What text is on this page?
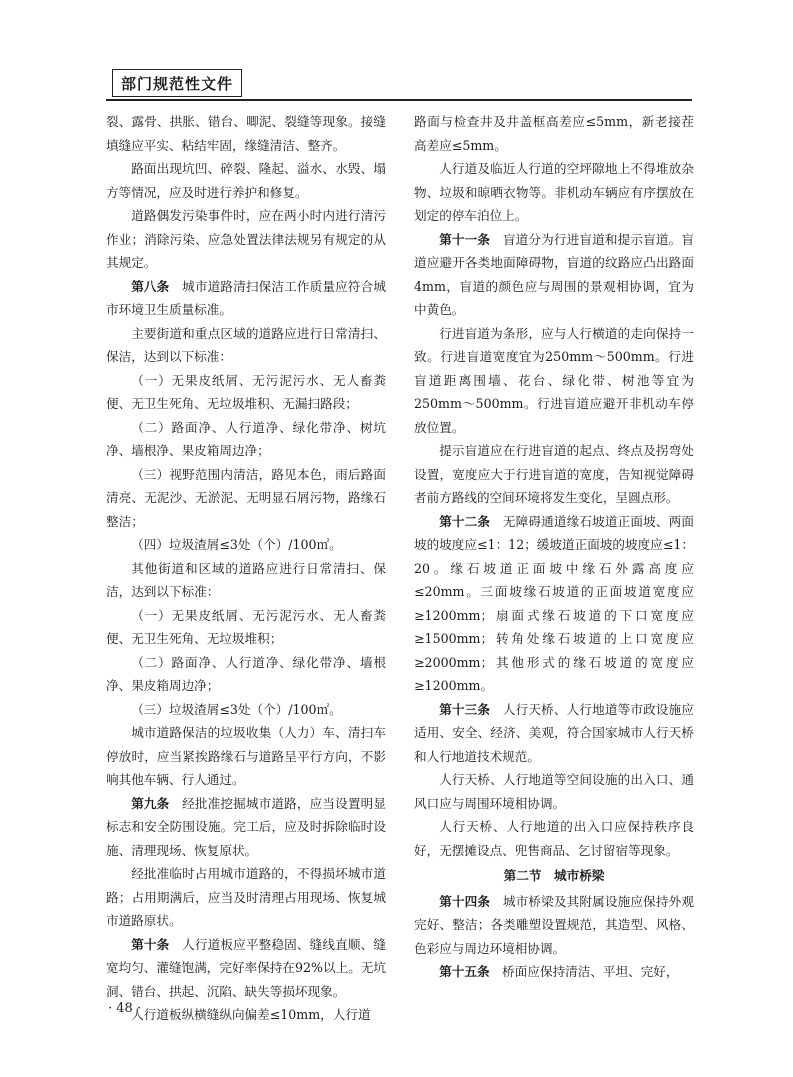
部门规范性文件

裂、露骨、拱胀、错台、唧泥、裂缝等现象。接缝填缝应平实、粘结牢固，缘缝清洁、整齐。

路面出现坑凹、碎裂、隆起、溢水、水毁、塌方等情况，应及时进行养护和修复。

道路偶发污染事件时，应在两小时内进行清污作业；消除污染、应急处置法律法规另有规定的从其规定。

第八条　城市道路清扫保洁工作质量应符合城市环境卫生质量标准。

主要街道和重点区域的道路应进行日常清扫、保洁，达到以下标准：

（一）无果皮纸屑、无污泥污水、无人畜粪便、无卫生死角、无垃圾堆积、无漏扫路段；

（二）路面净、人行道净、绿化带净、树坑净、墙根净、果皮箱周边净；

（三）视野范围内清洁，路见本色，雨后路面清亮、无泥沙、无淤泥、无明显石屑污物，路缘石整洁；

（四）垃圾渣屑≤3处（个）/100㎡。

其他街道和区域的道路应进行日常清扫、保洁，达到以下标准：

（一）无果皮纸屑、无污泥污水、无人畜粪便、无卫生死角、无垃圾堆积；

（二）路面净、人行道净、绿化带净、墙根净、果皮箱周边净；

（三）垃圾渣屑≤3处（个）/100㎡。

城市道路保洁的垃圾收集（人力）车、清扫车停放时，应当紧挨路缘石与道路呈平行方向，不影响其他车辆、行人通过。

第九条　经批准挖掘城市道路，应当设置明显标志和安全防围设施。完工后，应及时拆除临时设施、清理现场、恢复原状。

经批准临时占用城市道路的，不得损坏城市道路；占用期满后，应当及时清理占用现场、恢复城市道路原状。

第十条　人行道板应平整稳固、缝线直顺、缝宽均匀、灌缝饱满，完好率保持在92%以上。无坑洞、错台、拱起、沉陷、缺失等损坏现象。

人行道板纵横缝纵向偏差≤10mm，人行道

路面与检查井及井盖框高差应≤5mm，新老接茬高差应≤5mm。

人行道及临近人行道的空坪隙地上不得堆放杂物、垃圾和晾晒衣物等。非机动车辆应有序摆放在划定的停车泊位上。

第十一条　盲道分为行进盲道和提示盲道。盲道应避开各类地面障碍物，盲道的纹路应凸出路面4mm，盲道的颜色应与周围的景观相协调，宜为中黄色。

行进盲道为条形，应与人行横道的走向保持一致。行进盲道宽度宜为250mm～500mm。行进盲道距离围墙、花台、绿化带、树池等宜为250mm～500mm。行进盲道应避开非机动车停放位置。

提示盲道应在行进盲道的起点、终点及拐弯处设置，宽度应大于行进盲道的宽度，告知视觉障碍者前方路线的空间环境将发生变化，呈圆点形。

第十二条　无障碍通道缘石坡道正面坡、两面坡的坡度应≤1：12；缓坡道正面坡的坡度应≤1：20。缘石坡道正面坡中缘石外露高度应≤20mm。三面坡缘石坡道的正面坡道宽度应≥1200mm；扇面式缘石坡道的下口宽度应≥1500mm；转角处缘石坡道的上口宽度应≥2000mm；其他形式的缘石坡道的宽度应≥1200mm。

第十三条　人行天桥、人行地道等市政设施应适用、安全、经济、美观，符合国家城市人行天桥和人行地道技术规范。

人行天桥、人行地道等空间设施的出入口、通风口应与周围环境相协调。

人行天桥、人行地道的出入口应保持秩序良好，无摆摊设点、兜售商品、乞讨留宿等现象。

第二节　城市桥梁

第十四条　城市桥梁及其附属设施应保持外观完好、整洁；各类雕塑设置规范，其造型、风格、色彩应与周边环境相协调。

第十五条　桥面应保持清洁、平坦、完好，

· 48 ·
